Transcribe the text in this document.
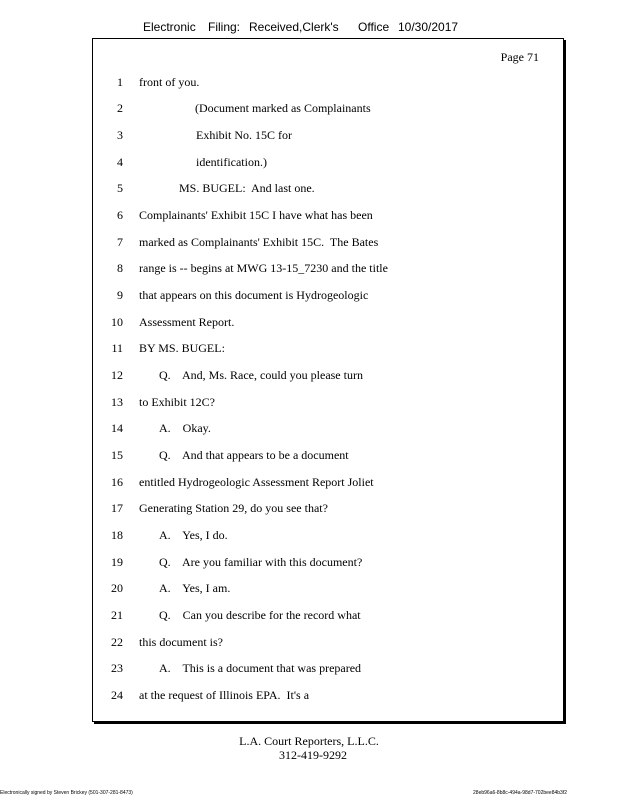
Electronic Filing: Received,Clerk's Office 10/30/2017
Page 71
1 front of you.
2	(Document marked as Complainants
3	Exhibit No. 15C for
4	identification.)
5	MS. BUGEL:  And last one.
6 Complainants' Exhibit 15C I have what has been
7 marked as Complainants' Exhibit 15C.  The Bates
8 range is -- begins at MWG 13-15_7230 and the title
9 that appears on this document is Hydrogeologic
10 Assessment Report.
11 BY MS. BUGEL:
12	Q.    And, Ms. Race, could you please turn
13 to Exhibit 12C?
14	A.    Okay.
15	Q.    And that appears to be a document
16 entitled Hydrogeologic Assessment Report Joliet
17 Generating Station 29, do you see that?
18	A.    Yes, I do.
19	Q.    Are you familiar with this document?
20	A.    Yes, I am.
21	Q.    Can you describe for the record what
22 this document is?
23	A.    This is a document that was prepared
24 at the request of Illinois EPA.  It's a
L.A. Court Reporters, L.L.C.
312-419-9292
Electronically signed by Steven Brickey (501-307-281-8473)	28eb96a6-8b8c-494a-98d7-702bee84b3f2
